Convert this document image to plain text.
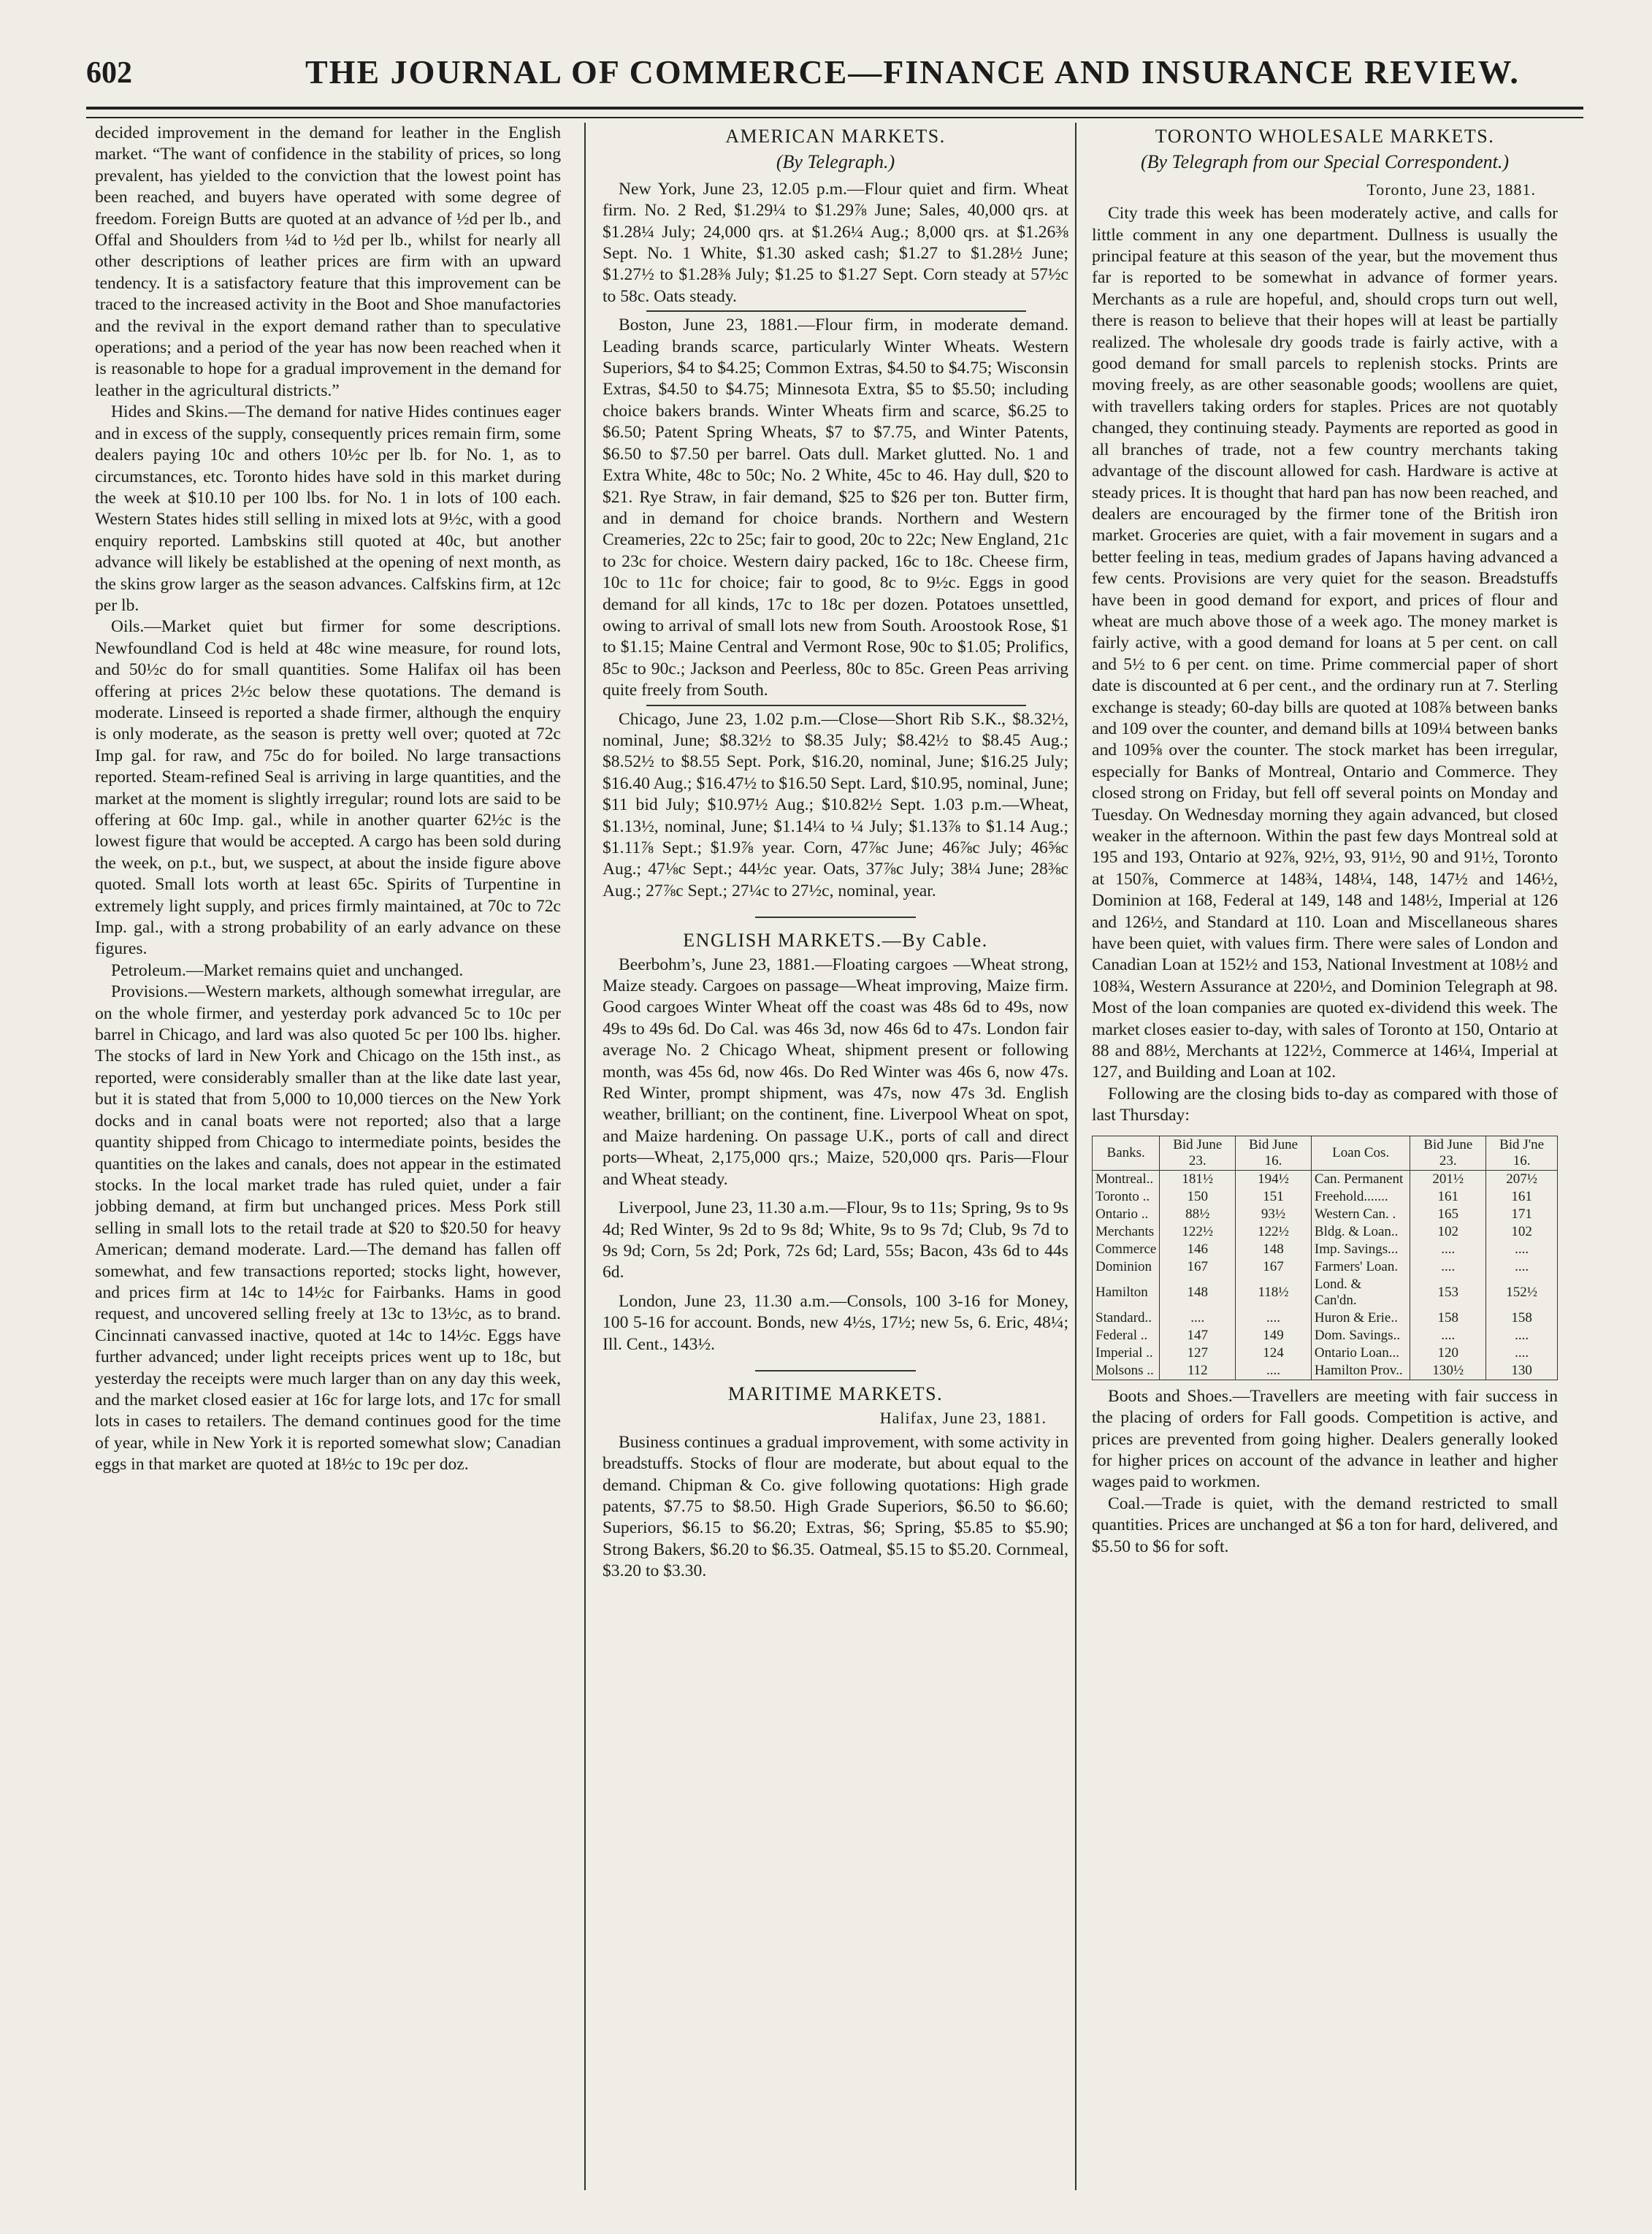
602	THE JOURNAL OF COMMERCE—FINANCE AND INSURANCE REVIEW.

decided improvement in the demand for leather in the English market. “The want of confidence in the stability of prices, so long prevalent, has yielded to the conviction that the lowest point has been reached, and buyers have operated with some degree of freedom. Foreign Butts are quoted at an advance of ½d per lb., and Offal and Shoulders from ¼d to ½d per lb., whilst for nearly all other descriptions of leather prices are firm with an upward tendency. It is a satisfactory feature that this improvement can be traced to the increased activity in the Boot and Shoe manufactories and the revival in the export demand rather than to speculative operations; and a period of the year has now been reached when it is reasonable to hope for a gradual improvement in the demand for leather in the agricultural districts.”

Hides and Skins.—The demand for native Hides continues eager and in excess of the supply, consequently prices remain firm, some dealers paying 10c and others 10½c per lb. for No. 1, as to circumstances, etc. Toronto hides have sold in this market during the week at $10.10 per 100 lbs. for No. 1 in lots of 100 each. Western States hides still selling in mixed lots at 9½c, with a good enquiry reported. Lambskins still quoted at 40c, but another advance will likely be established at the opening of next month, as the skins grow larger as the season advances. Calfskins firm, at 12c per lb.

Oils.—Market quiet but firmer for some descriptions. Newfoundland Cod is held at 48c wine measure, for round lots, and 50½c do for small quantities. Some Halifax oil has been offering at prices 2½c below these quotations. The demand is moderate. Linseed is reported a shade firmer, although the enquiry is only moderate, as the season is pretty well over; quoted at 72c Imp gal. for raw, and 75c do for boiled. No large transactions reported. Steam-refined Seal is arriving in large quantities, and the market at the moment is slightly irregular; round lots are said to be offering at 60c Imp. gal., while in another quarter 62½c is the lowest figure that would be accepted. A cargo has been sold during the week, on p.t., but, we suspect, at about the inside figure above quoted. Small lots worth at least 65c. Spirits of Turpentine in extremely light supply, and prices firmly maintained, at 70c to 72c Imp. gal., with a strong probability of an early advance on these figures.

Petroleum.—Market remains quiet and unchanged.

Provisions.—Western markets, although somewhat irregular, are on the whole firmer, and yesterday pork advanced 5c to 10c per barrel in Chicago, and lard was also quoted 5c per 100 lbs. higher. The stocks of lard in New York and Chicago on the 15th inst., as reported, were considerably smaller than at the like date last year, but it is stated that from 5,000 to 10,000 tierces on the New York docks and in canal boats were not reported; also that a large quantity shipped from Chicago to intermediate points, besides the quantities on the lakes and canals, does not appear in the estimated stocks. In the local market trade has ruled quiet, under a fair jobbing demand, at firm but unchanged prices. Mess Pork still selling in small lots to the retail trade at $20 to $20.50 for heavy American; demand moderate. Lard.—The demand has fallen off somewhat, and few transactions reported; stocks light, however, and prices firm at 14c to 14½c for Fairbanks. Hams in good request, and uncovered selling freely at 13c to 13½c, as to brand. Cincinnati canvassed inactive, quoted at 14c to 14½c. Eggs have further advanced; under light receipts prices went up to 18c, but yesterday the receipts were much larger than on any day this week, and the market closed easier at 16c for large lots, and 17c for small lots in cases to retailers. The demand continues good for the time of year, while in New York it is reported somewhat slow; Canadian eggs in that market are quoted at 18½c to 19c per doz.

AMERICAN MARKETS.
(By Telegraph.)

New York, June 23, 12.05 p.m.—Flour quiet and firm. Wheat firm. No. 2 Red, $1.29¼ to $1.29⅞ June; Sales, 40,000 qrs. at $1.28¼ July; 24,000 qrs. at $1.26¼ Aug.; 8,000 qrs. at $1.26⅜ Sept. No. 1 White, $1.30 asked cash; $1.27 to $1.28½ June; $1.27½ to $1.28⅜ July; $1.25 to $1.27 Sept. Corn steady at 57½c to 58c. Oats steady.

Boston, June 23, 1881.—Flour firm, in moderate demand. Leading brands scarce, particularly Winter Wheats. Western Superiors, $4 to $4.25; Common Extras, $4.50 to $4.75; Wisconsin Extras, $4.50 to $4.75; Minnesota Extra, $5 to $5.50; including choice bakers brands. Winter Wheats firm and scarce, $6.25 to $6.50; Patent Spring Wheats, $7 to $7.75, and Winter Patents, $6.50 to $7.50 per barrel. Oats dull. Market glutted. No. 1 and Extra White, 48c to 50c; No. 2 White, 45c to 46. Hay dull, $20 to $21. Rye Straw, in fair demand, $25 to $26 per ton. Butter firm, and in demand for choice brands. Northern and Western Creameries, 22c to 25c; fair to good, 20c to 22c; New England, 21c to 23c for choice. Western dairy packed, 16c to 18c. Cheese firm, 10c to 11c for choice; fair to good, 8c to 9½c. Eggs in good demand for all kinds, 17c to 18c per dozen. Potatoes unsettled, owing to arrival of small lots new from South. Aroostook Rose, $1 to $1.15; Maine Central and Vermont Rose, 90c to $1.05; Prolifics, 85c to 90c.; Jackson and Peerless, 80c to 85c. Green Peas arriving quite freely from South.

Chicago, June 23, 1.02 p.m.—Close—Short Rib S.K., $8.32½, nominal, June; $8.32½ to $8.35 July; $8.42½ to $8.45 Aug.; $8.52½ to $8.55 Sept. Pork, $16.20, nominal, June; $16.25 July; $16.40 Aug.; $16.47½ to $16.50 Sept. Lard, $10.95, nominal, June; $11 bid July; $10.97½ Aug.; $10.82½ Sept. 1.03 p.m.—Wheat, $1.13½, nominal, June; $1.14¼ to ¼ July; $1.13⅞ to $1.14 Aug.; $1.11⅞ Sept.; $1.9⅞ year. Corn, 47⅞c June; 46⅞c July; 46⅝c Aug.; 47⅛c Sept.; 44½c year. Oats, 37⅞c July; 38¼ June; 28⅜c Aug.; 27⅞c Sept.; 27¼c to 27½c, nominal, year.

ENGLISH MARKETS.—By Cable.

Beerbohm’s, June 23, 1881.—Floating cargoes —Wheat strong, Maize steady. Cargoes on passage—Wheat improving, Maize firm. Good cargoes Winter Wheat off the coast was 48s 6d to 49s, now 49s to 49s 6d. Do Cal. was 46s 3d, now 46s 6d to 47s. London fair average No. 2 Chicago Wheat, shipment present or following month, was 45s 6d, now 46s. Do Red Winter was 46s 6, now 47s. Red Winter, prompt shipment, was 47s, now 47s 3d. English weather, brilliant; on the continent, fine. Liverpool Wheat on spot, and Maize hardening. On passage U.K., ports of call and direct ports—Wheat, 2,175,000 qrs.; Maize, 520,000 qrs. Paris—Flour and Wheat steady.

Liverpool, June 23, 11.30 a.m.—Flour, 9s to 11s; Spring, 9s to 9s 4d; Red Winter, 9s 2d to 9s 8d; White, 9s to 9s 7d; Club, 9s 7d to 9s 9d; Corn, 5s 2d; Pork, 72s 6d; Lard, 55s; Bacon, 43s 6d to 44s 6d.

London, June 23, 11.30 a.m.—Consols, 100 3-16 for Money, 100 5-16 for account. Bonds, new 4½s, 17½; new 5s, 6. Eric, 48¼; Ill. Cent., 143½.

MARITIME MARKETS.
Halifax, June 23, 1881.

Business continues a gradual improvement, with some activity in breadstuffs. Stocks of flour are moderate, but about equal to the demand. Chipman & Co. give following quotations: High grade patents, $7.75 to $8.50. High Grade Superiors, $6.50 to $6.60; Superiors, $6.15 to $6.20; Extras, $6; Spring, $5.85 to $5.90; Strong Bakers, $6.20 to $6.35. Oatmeal, $5.15 to $5.20. Cornmeal, $3.20 to $3.30.

TORONTO WHOLESALE MARKETS.
(By Telegraph from our Special Correspondent.)
Toronto, June 23, 1881.

City trade this week has been moderately active, and calls for little comment in any one department. Dullness is usually the principal feature at this season of the year, but the movement thus far is reported to be somewhat in advance of former years. Merchants as a rule are hopeful, and, should crops turn out well, there is reason to believe that their hopes will at least be partially realized. The wholesale dry goods trade is fairly active, with a good demand for small parcels to replenish stocks. Prints are moving freely, as are other seasonable goods; woollens are quiet, with travellers taking orders for staples. Prices are not quotably changed, they continuing steady. Payments are reported as good in all branches of trade, not a few country merchants taking advantage of the discount allowed for cash. Hardware is active at steady prices. It is thought that hard pan has now been reached, and dealers are encouraged by the firmer tone of the British iron market. Groceries are quiet, with a fair movement in sugars and a better feeling in teas, medium grades of Japans having advanced a few cents. Provisions are very quiet for the season. Breadstuffs have been in good demand for export, and prices of flour and wheat are much above those of a week ago. The money market is fairly active, with a good demand for loans at 5 per cent. on call and 5½ to 6 per cent. on time. Prime commercial paper of short date is discounted at 6 per cent., and the ordinary run at 7. Sterling exchange is steady; 60-day bills are quoted at 108⅞ between banks and 109 over the counter, and demand bills at 109¼ between banks and 109⅝ over the counter. The stock market has been irregular, especially for Banks of Montreal, Ontario and Commerce. They closed strong on Friday, but fell off several points on Monday and Tuesday. On Wednesday morning they again advanced, but closed weaker in the afternoon. Within the past few days Montreal sold at 195 and 193, Ontario at 92⅞, 92½, 93, 91½, 90 and 91½, Toronto at 150⅞, Commerce at 148¾, 148¼, 148, 147½ and 146½, Dominion at 168, Federal at 149, 148 and 148½, Imperial at 126 and 126½, and Standard at 110. Loan and Miscellaneous shares have been quiet, with values firm. There were sales of London and Canadian Loan at 152½ and 153, National Investment at 108½ and 108¾, Western Assurance at 220½, and Dominion Telegraph at 98. Most of the loan companies are quoted ex-dividend this week. The market closes easier to-day, with sales of Toronto at 150, Ontario at 88 and 88½, Merchants at 122½, Commerce at 146¼, Imperial at 127, and Building and Loan at 102.

Following are the closing bids to-day as compared with those of last Thursday:

Banks.	Bid June 23.	Bid June 16.	Loan Cos.	Bid June 23.	Bid J'ne 16.
Montreal..	181½	194½	Can. Permanent	201½	207½
Toronto ..	150	151	Freehold.......	161	161
Ontario ..	88½	93½	Western Can. .	165	171
Merchants	122½	122½	Bldg. & Loan..	102	102
Commerce	146	148	Imp. Savings...	....	....
Dominion	167	167	Farmers' Loan.	....	....
Hamilton	148	118½	Lond. & Can'dn.	153	152½
Standard..	....	....	Huron & Erie..	158	158
Federal ..	147	149	Dom. Savings..	....	....
Imperial ..	127	124	Ontario Loan...	120	....
Molsons ..	112	....	Hamilton Prov..	130½	130

Boots and Shoes.—Travellers are meeting with fair success in the placing of orders for Fall goods. Competition is active, and prices are prevented from going higher. Dealers generally looked for higher prices on account of the advance in leather and higher wages paid to workmen.

Coal.—Trade is quiet, with the demand restricted to small quantities. Prices are unchanged at $6 a ton for hard, delivered, and $5.50 to $6 for soft.
